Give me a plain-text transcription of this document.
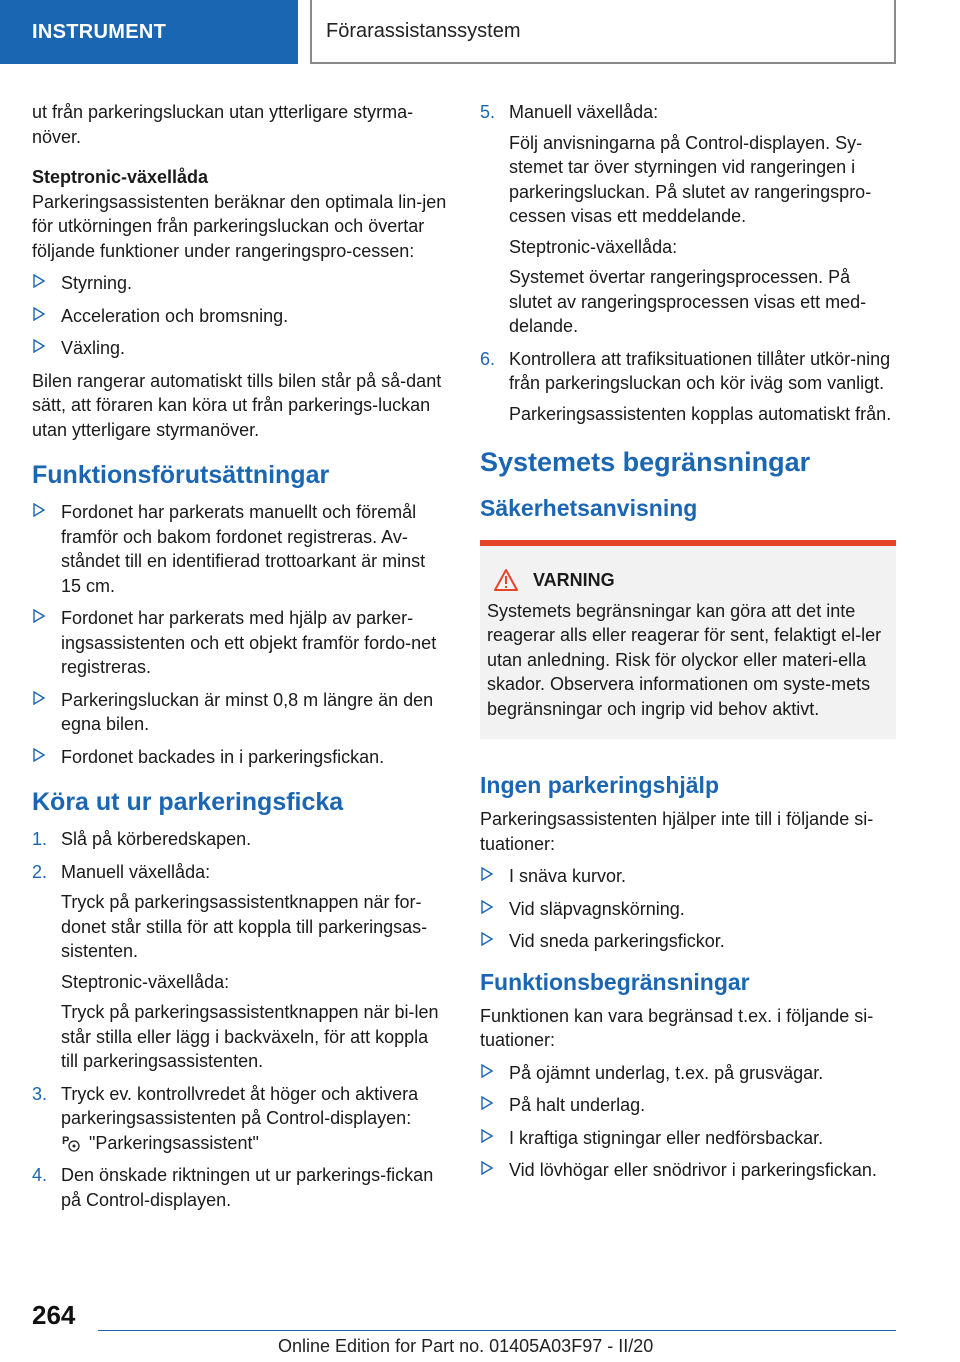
INSTRUMENT	Förarassistanssystem

ut från parkeringsluckan utan ytterligare styrma-növer.

Steptronic-växellåda

Parkeringsassistenten beräknar den optimala lin-jen för utkörningen från parkeringsluckan och övertar följande funktioner under rangeringspro-cessen:

Styrning.
Acceleration och bromsning.
Växling.

Bilen rangerar automatiskt tills bilen står på så-dant sätt, att föraren kan köra ut från parkerings-luckan utan ytterligare styrmanöver.

Funktionsförutsättningar
Fordonet har parkerats manuellt och föremål framför och bakom fordonet registreras. Av-ståndet till en identifierad trottoarkant är minst 15 cm.
Fordonet har parkerats med hjälp av parker-ingsassistenten och ett objekt framför fordo-net registreras.
Parkeringsluckan är minst 0,8 m längre än den egna bilen.
Fordonet backades in i parkeringsfickan.
Köra ut ur parkeringsficka
1. Slå på körberedskapen.
2. Manuell växellåda:
Tryck på parkeringsassistentknappen när for-donet står stilla för att koppla till parkeringsas-sistenten.
Steptronic-växellåda:
Tryck på parkeringsassistentknappen när bi-len står stilla eller lägg i backväxeln, för att koppla till parkeringsassistenten.
3. Tryck ev. kontrollvredet åt höger och aktivera parkeringsassistenten på Control-displayen:
P "Parkeringsassistent"
4. Den önskade riktningen ut ur parkerings-fickan på Control-displayen.
5. Manuell växellåda:
Följ anvisningarna på Control-displayen. Sy-stemet tar över styrningen vid rangeringen i parkeringsluckan. På slutet av rangeringspro-cessen visas ett meddelande.
Steptronic-växellåda:
Systemet övertar rangeringsprocessen. På slutet av rangeringsprocessen visas ett med-delande.
6. Kontrollera att trafiksituationen tillåter utkör-ning från parkeringsluckan och kör iväg som vanligt.
Parkeringsassistenten kopplas automatiskt från.
Systemets begränsningar
Säkerhetsanvisning
VARNING
Systemets begränsningar kan göra att det inte reagerar alls eller reagerar för sent, felaktigt el-ler utan anledning. Risk för olyckor eller materi-ella skador. Observera informationen om syste-mets begränsningar och ingrip vid behov aktivt.
Ingen parkeringshjälp

Parkeringsassistenten hjälper inte till i följande si-tuationer:

I snäva kurvor.
Vid släpvagnskörning.
Vid sneda parkeringsfickor.
Funktionsbegränsningar

Funktionen kan vara begränsad t.ex. i följande si-tuationer:

På ojämnt underlag, t.ex. på grusvägar.
På halt underlag.
I kraftiga stigningar eller nedförsbackar.
Vid lövhögar eller snödrivor i parkeringsfickan.
264
Online Edition for Part no. 01405A03F97 - II/20
